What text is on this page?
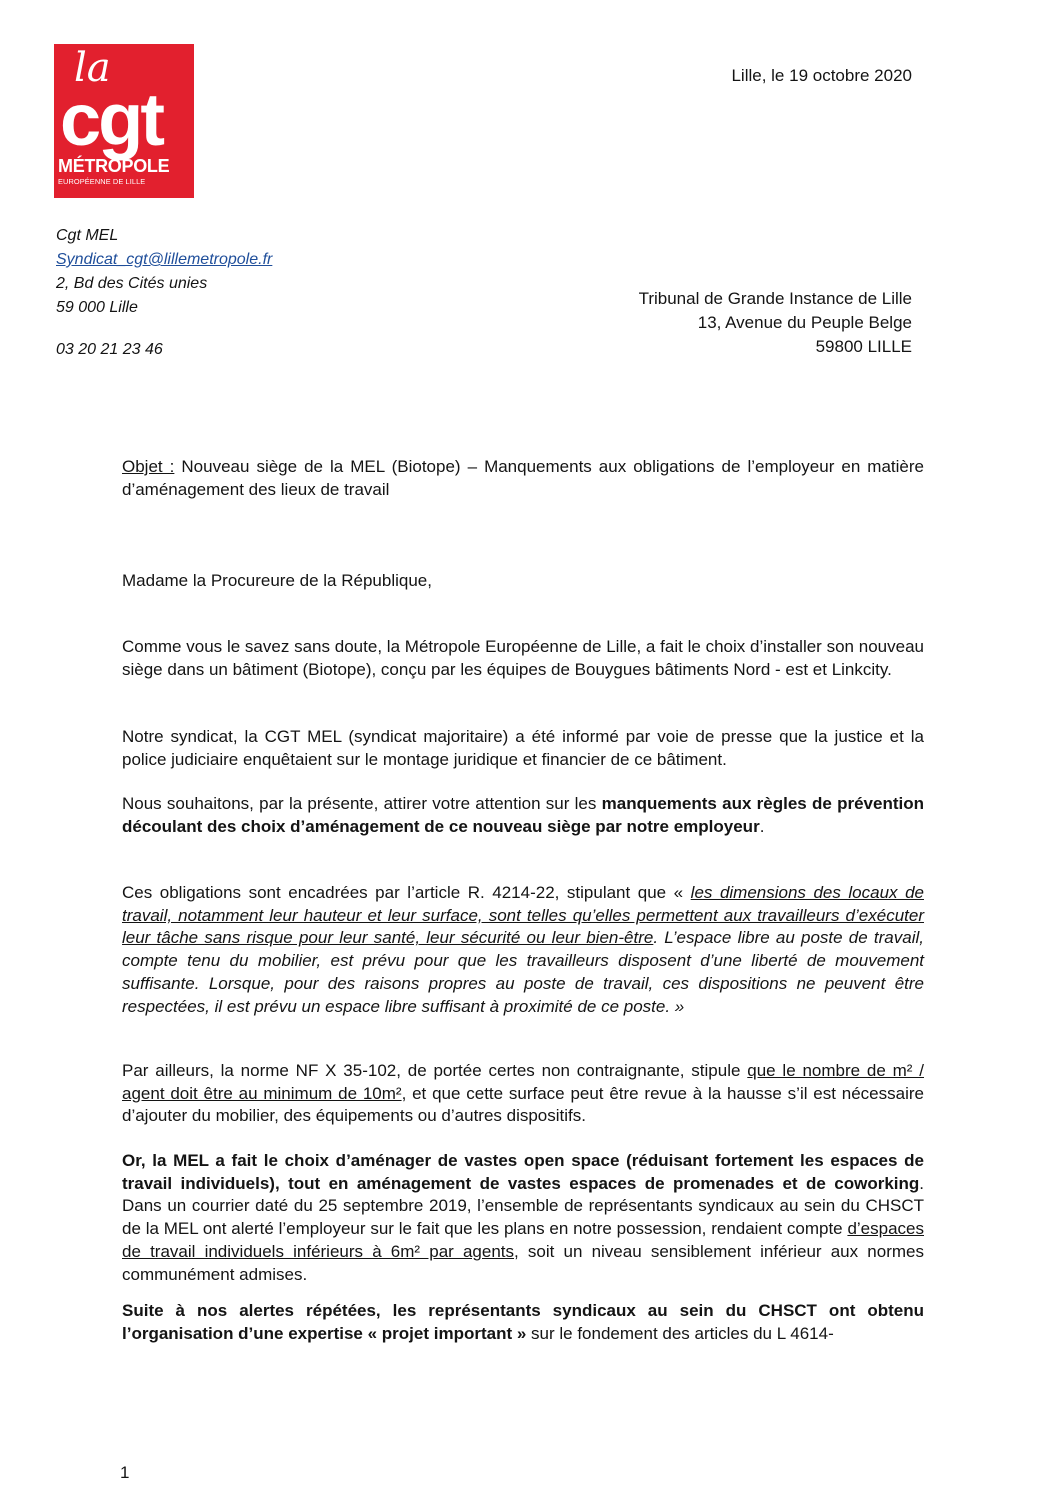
la
cgt
MÉTROPOLE
EUROPÉENNE DE LILLE
Lille, le 19 octobre 2020
Cgt MEL
Syndicat_cgt@lillemetropole.fr
2, Bd des Cités unies
59 000 Lille
03 20 21 23 46
Tribunal de Grande Instance de Lille
13, Avenue du Peuple Belge
59800 LILLE
Objet : Nouveau siège de la MEL (Biotope) – Manquements aux obligations de l’employeur en matière d’aménagement des lieux de travail
Madame la Procureure de la République,
Comme vous le savez sans doute, la Métropole Européenne de Lille, a fait le choix d’installer son nouveau siège dans un bâtiment (Biotope), conçu par les équipes de Bouygues bâtiments Nord - est et Linkcity.
Notre syndicat, la CGT MEL (syndicat majoritaire) a été informé par voie de presse que la justice et la police judiciaire enquêtaient sur le montage juridique et financier de ce bâtiment.
Nous souhaitons, par la présente, attirer votre attention sur les manquements aux règles de prévention découlant des choix d’aménagement de ce nouveau siège par notre employeur.
Ces obligations sont encadrées par l’article R. 4214-22, stipulant que « les dimensions des locaux de travail, notamment leur hauteur et leur surface, sont telles qu’elles permettent aux travailleurs d’exécuter leur tâche sans risque pour leur santé, leur sécurité ou leur bien-être. L’espace libre au poste de travail, compte tenu du mobilier, est prévu pour que les travailleurs disposent d’une liberté de mouvement suffisante. Lorsque, pour des raisons propres au poste de travail, ces dispositions ne peuvent être respectées, il est prévu un espace libre suffisant à proximité de ce poste. »
Par ailleurs, la norme NF X 35-102, de portée certes non contraignante, stipule que le nombre de m² / agent doit être au minimum de 10m², et que cette surface peut être revue à la hausse s’il est nécessaire d’ajouter du mobilier, des équipements ou d’autres dispositifs.
Or, la MEL a fait le choix d’aménager de vastes open space (réduisant fortement les espaces de travail individuels), tout en aménagement de vastes espaces de promenades et de coworking. Dans un courrier daté du 25 septembre 2019, l’ensemble de représentants syndicaux au sein du CHSCT de la MEL ont alerté l’employeur sur le fait que les plans en notre possession, rendaient compte d’espaces de travail individuels inférieurs à 6m² par agents, soit un niveau sensiblement inférieur aux normes communément admises.
Suite à nos alertes répétées, les représentants syndicaux au sein du CHSCT ont obtenu l’organisation d’une expertise « projet important » sur le fondement des articles du L 4614-
1
